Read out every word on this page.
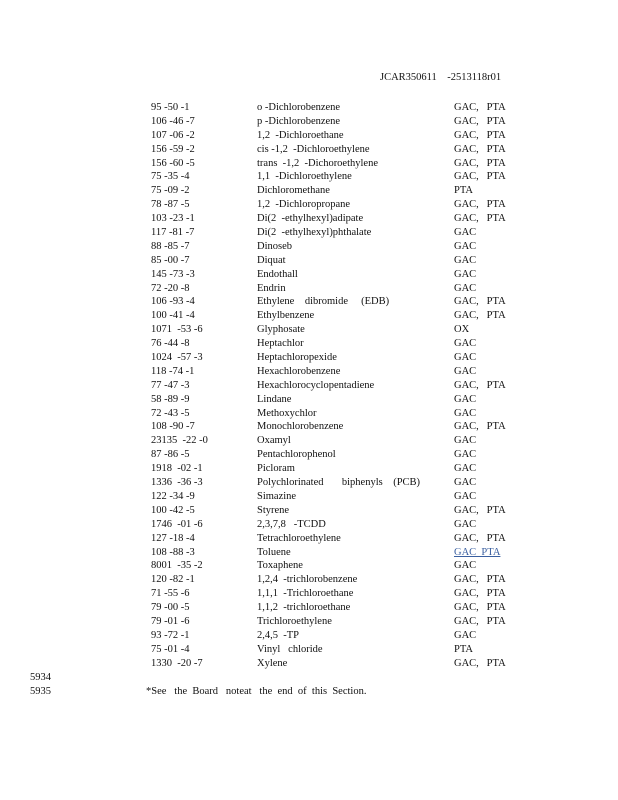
JCAR350611    -2513118r01
95 -50 -1	o -Dichlorobenzene	GAC,   PTA
106 -46 -7	p -Dichlorobenzene	GAC,   PTA
107 -06 -2	1,2  -Dichloroethane	GAC,   PTA
156 -59 -2	cis -1,2  -Dichloroethylene	GAC,   PTA
156 -60 -5	trans  -1,2  -Dichoroethylene	GAC,   PTA
75 -35 -4	1,1  -Dichloroethylene	GAC,   PTA
75 -09 -2	Dichloromethane	PTA
78 -87 -5	1,2  -Dichloropropane	GAC,   PTA
103 -23 -1	Di(2  -ethylhexyl)adipate	GAC,   PTA
117 -81 -7	Di(2  -ethylhexyl)phthalate	GAC
88 -85 -7	Dinoseb	GAC
85 -00 -7	Diquat	GAC
145 -73 -3	Endothall	GAC
72 -20 -8	Endrin	GAC
106 -93 -4	Ethylene    dibromide     (EDB)	GAC,   PTA
100 -41 -4	Ethylbenzene	GAC,   PTA
1071  -53 -6	Glyphosate	OX
76 -44 -8	Heptachlor	GAC
1024  -57 -3	Heptachloropexide	GAC
118 -74 -1	Hexachlorobenzene	GAC
77 -47 -3	Hexachlorocyclopentadiene	GAC,   PTA
58 -89 -9	Lindane	GAC
72 -43 -5	Methoxychlor	GAC
108 -90 -7	Monochlorobenzene	GAC,   PTA
23135  -22 -0	Oxamyl	GAC
87 -86 -5	Pentachlorophenol	GAC
1918  -02 -1	Picloram	GAC
1336  -36 -3	Polychlorinated       biphenyls    (PCB)	GAC
122 -34 -9	Simazine	GAC
100 -42 -5	Styrene	GAC,   PTA
1746  -01 -6	2,3,7,8   -TCDD	GAC
127 -18 -4	Tetrachloroethylene	GAC,   PTA
108 -88 -3	Toluene	GAC  PTA
8001  -35 -2	Toxaphene	GAC
120 -82 -1	1,2,4  -trichlorobenzene	GAC,   PTA
71 -55 -6	1,1,1  -Trichloroethane	GAC,   PTA
79 -00 -5	1,1,2  -trichloroethane	GAC,   PTA
79 -01 -6	Trichloroethylene	GAC,   PTA
93 -72 -1	2,4,5  -TP	GAC
75 -01 -4	Vinyl   chloride	PTA
1330  -20 -7	Xylene	GAC,   PTA
5934
5935	*See   the  Board   noteat   the  end  of  this  Section.
